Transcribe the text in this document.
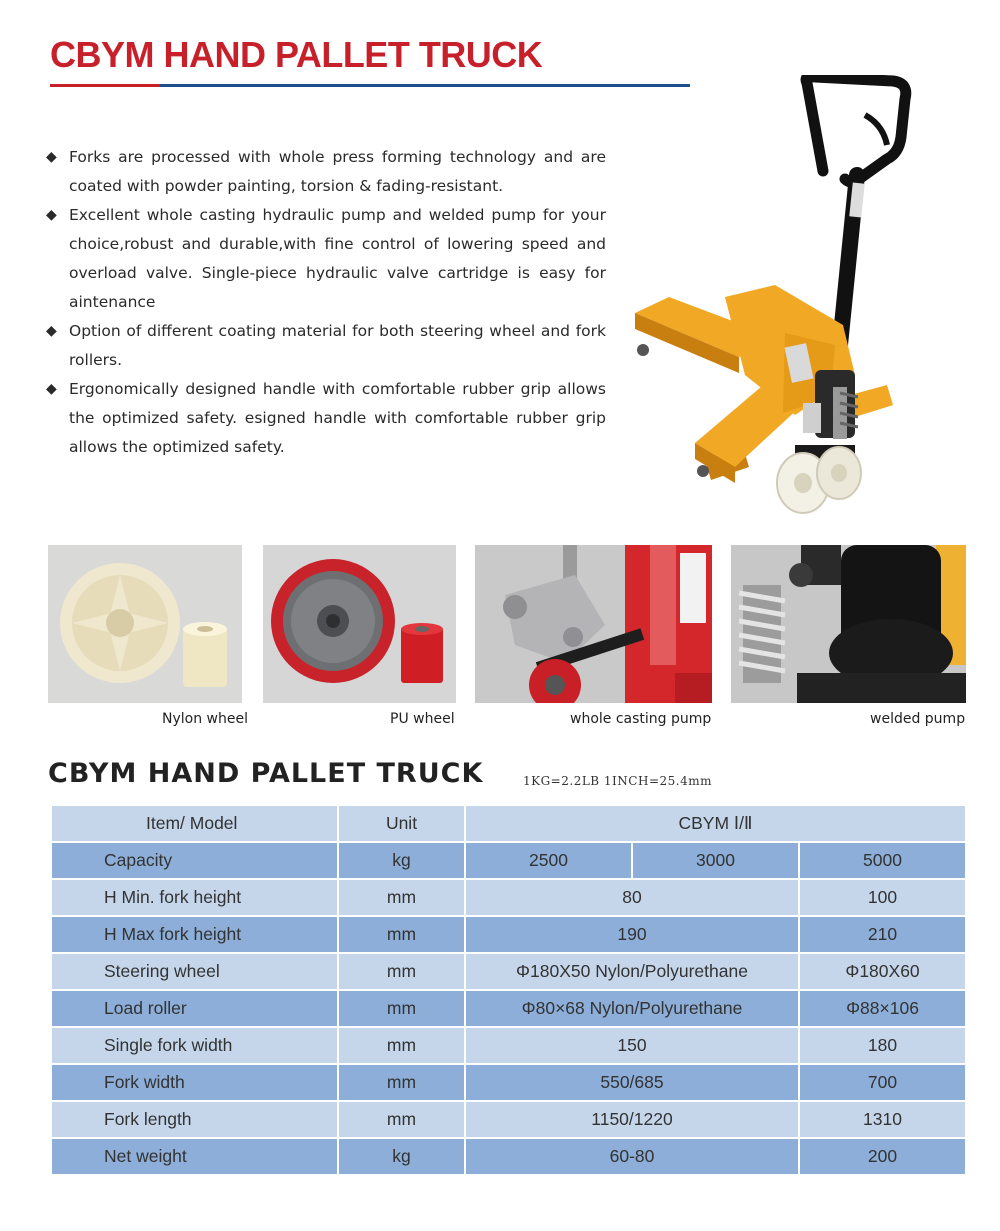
CBYM HAND PALLET TRUCK
◆ Forks are processed with whole press forming technology and are coated with powder painting, torsion & fading-resistant.
◆ Excellent whole casting hydraulic pump and welded pump for your choice,robust and durable,with fine control of lowering speed and overload valve. Single-piece hydraulic valve cartridge is easy for aintenance
◆ Option of different coating material for both steering wheel and fork rollers.
◆ Ergonomically designed handle with comfortable rubber grip allows the optimized safety. esigned handle with comfortable rubber grip allows the optimized safety.
Nylon wheel	PU wheel	whole casting pump	welded pump
CBYM HAND PALLET TRUCK	1KG=2.2LB 1INCH=25.4mm
Item/ Model	Unit	CBYM Ⅰ/Ⅱ		
Capacity	kg	2500	3000	5000
H Min. fork height	mm	80		100
H Max fork height	mm	190		210
Steering wheel	mm	Φ180X50 Nylon/Polyurethane		Φ180X60
Load roller	mm	Φ80×68 Nylon/Polyurethane		Φ88×106
Single fork width	mm	150		180
Fork width	mm	550/685		700
Fork length	mm	1150/1220		1310
Net weight	kg	60-80		200
